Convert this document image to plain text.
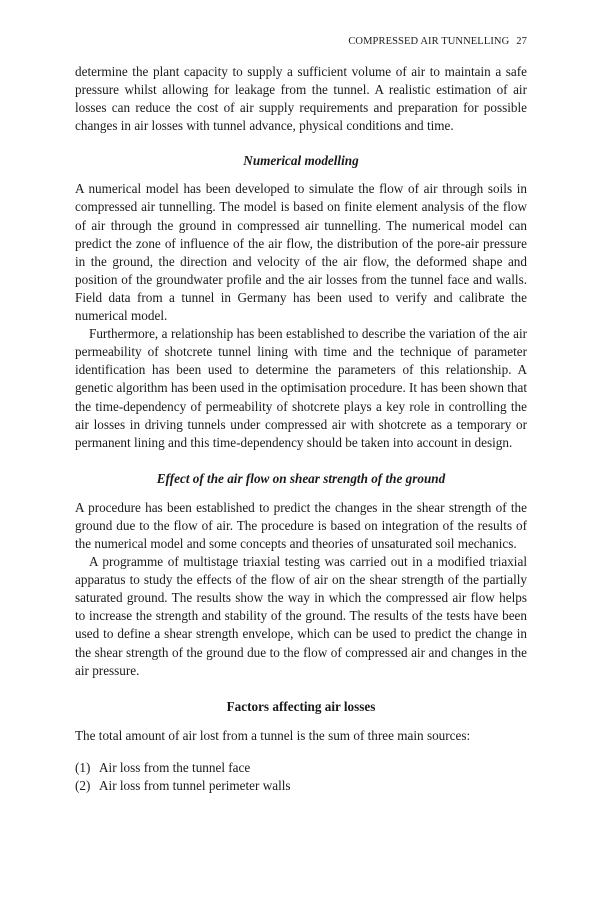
COMPRESSED AIR TUNNELLING 27

determine the plant capacity to supply a sufficient volume of air to maintain a safe pressure whilst allowing for leakage from the tunnel. A realistic estimation of air losses can reduce the cost of air supply requirements and preparation for possible changes in air losses with tunnel advance, physical conditions and time.

Numerical modelling

A numerical model has been developed to simulate the flow of air through soils in compressed air tunnelling. The model is based on finite element analysis of the flow of air through the ground in compressed air tunnelling. The numerical model can predict the zone of influence of the air flow, the distribution of the pore-air pressure in the ground, the direction and velocity of the air flow, the deformed shape and position of the groundwater profile and the air losses from the tunnel face and walls. Field data from a tunnel in Germany has been used to verify and calibrate the numerical model.

Furthermore, a relationship has been established to describe the variation of the air permeability of shotcrete tunnel lining with time and the technique of parameter identification has been used to determine the parameters of this relationship. A genetic algorithm has been used in the optimisation procedure. It has been shown that the time-dependency of permeability of shotcrete plays a key role in controlling the air losses in driving tunnels under compressed air with shotcrete as a temporary or permanent lining and this time-dependency should be taken into account in design.

Effect of the air flow on shear strength of the ground

A procedure has been established to predict the changes in the shear strength of the ground due to the flow of air. The procedure is based on integration of the results of the numerical model and some concepts and theories of unsaturated soil mechanics.

A programme of multistage triaxial testing was carried out in a modified triaxial apparatus to study the effects of the flow of air on the shear strength of the partially saturated ground. The results show the way in which the compressed air flow helps to increase the strength and stability of the ground. The results of the tests have been used to define a shear strength envelope, which can be used to predict the change in the shear strength of the ground due to the flow of compressed air and changes in the air pressure.

Factors affecting air losses

The total amount of air lost from a tunnel is the sum of three main sources:

(1) Air loss from the tunnel face
(2) Air loss from tunnel perimeter walls
